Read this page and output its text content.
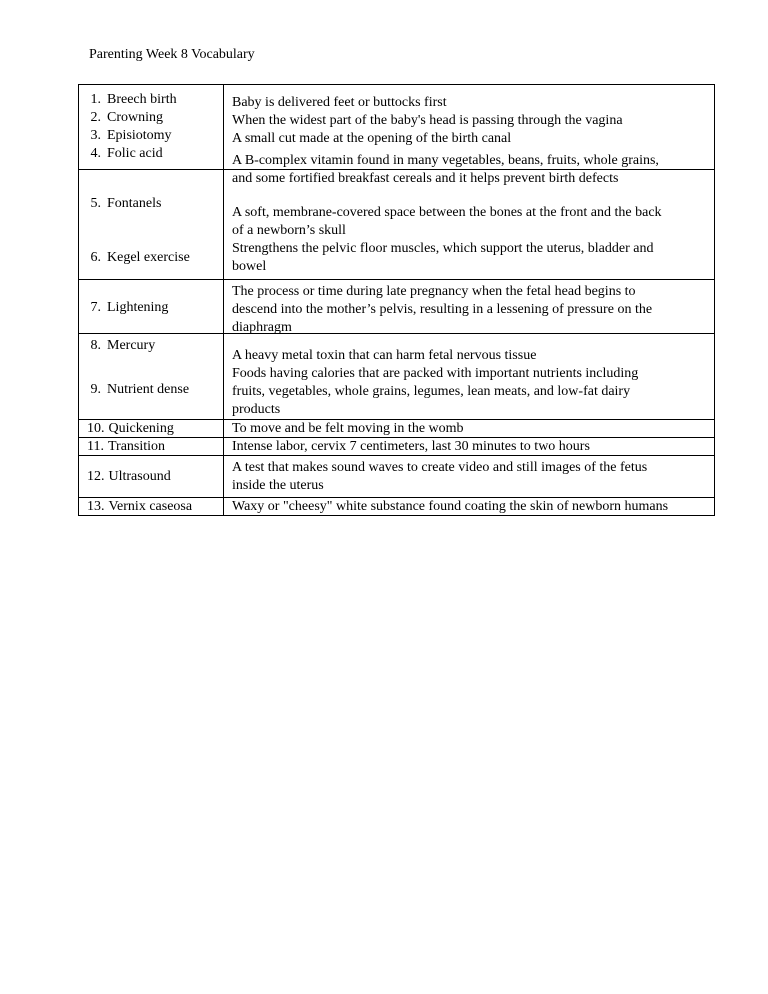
Parenting Week 8 Vocabulary
1. Breech birth
2. Crowning
3. Episiotomy
4. Folic acid
5. Fontanels
6. Kegel exercise
7. Lightening
8. Mercury
9. Nutrient dense
10. Quickening
11. Transition
12. Ultrasound
13. Vernix caseosa
Baby is delivered feet or buttocks first
When the widest part of the baby's head is passing through the vagina
A small cut made at the opening of the birth canal
A B-complex vitamin found in many vegetables, beans, fruits, whole grains,
and some fortified breakfast cereals and it helps prevent birth defects
A soft, membrane-covered space between the bones at the front and the back
of a newborn’s skull
Strengthens the pelvic floor muscles, which support the uterus, bladder and
bowel
The process or time during late pregnancy when the fetal head begins to
descend into the mother’s pelvis, resulting in a lessening of pressure on the
diaphragm
A heavy metal toxin that can harm fetal nervous tissue
Foods having calories that are packed with important nutrients including
fruits, vegetables, whole grains, legumes, lean meats, and low-fat dairy
products
To move and be felt moving in the womb
Intense labor, cervix 7 centimeters, last 30 minutes to two hours
A test that makes sound waves to create video and still images of the fetus
inside the uterus
Waxy or "cheesy" white substance found coating the skin of newborn humans
